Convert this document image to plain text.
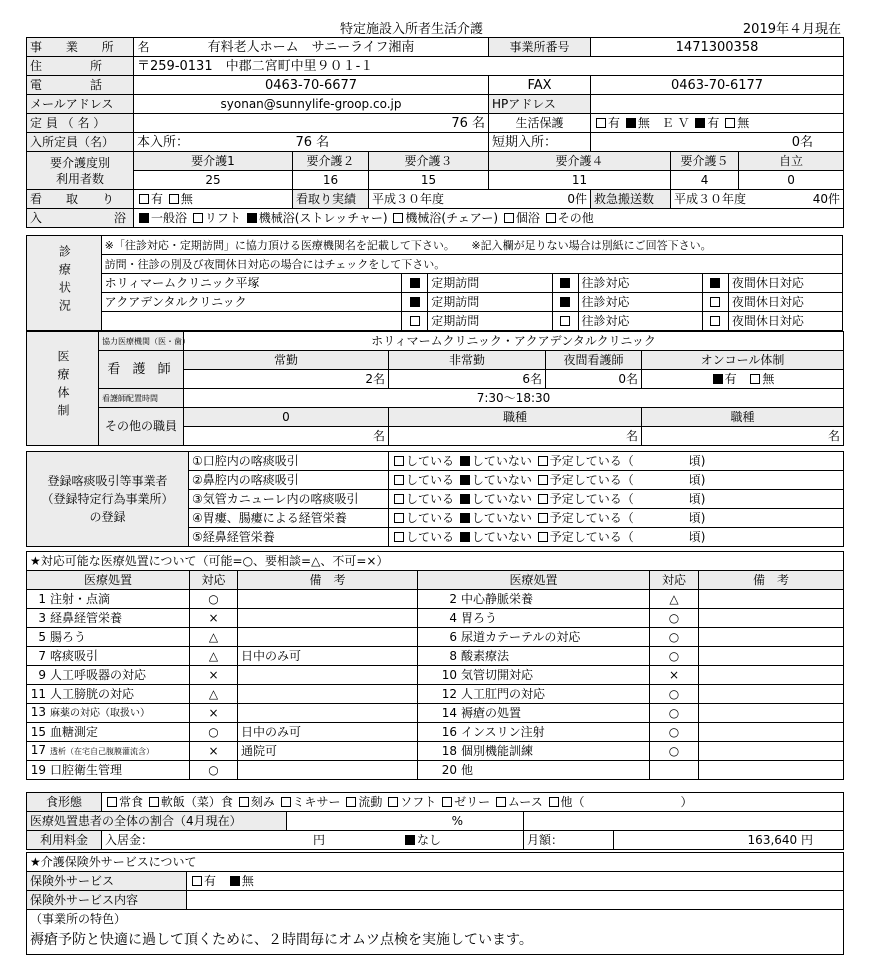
特定施設入所者生活介護	2019年４月現在
事 業 所 名	有料老人ホーム　サニーライフ湘南			事業所番号	1471300358		
住　　　　所	〒259-0131　中郡二宮町中里９０１-１						
電　　　　話	0463-70-6677			FAX	0463-70-6177		
メールアドレス	syonan@sunnylife-groop.co.jp			HPアドレス			
定 員 （ 名 ）	76 名			生活保護	有 無 Ｅ Ｖ 有 無		
入所定員（名）	本入所：	76 名		短期入所：	0名		
要介護度別
利用者数	要介護1	要介護２	要介護３	要介護４		要介護５	自立
	25	16	15	11		4	0
看　　取　　り	有 無	看取り実績	平成３０年度 0件		救急搬送数	平成３０年度 40件	

入　　　　　　浴	一般浴 リフト 機械浴(ストレッチャー) 機械浴(チェアー) 個浴 その他						
診療状況	※「往診対応・定期訪問」に協力頂ける医療機関名を記載して下さい。　　※記入欄が足りない場合は別紙にご回答下さい。						
	訪問・往診の別及び夜間休日対応の場合にはチェックをして下さい。						
	ホリィマームクリニック平塚		定期訪問		往診対応		夜間休日対応
	アクアデンタルクリニック		定期訪問		往診対応		夜間休日対応
			定期訪問		往診対応		夜間休日対応
医療体制	協力医療機関（医・歯）	ホリィマームクリニック・アクアデンタルクリニック			
	看 護 師	常勤	非常勤	夜間看護師	オンコール体制
		2名	6名	0名	有 無
	看護師配置時間	7:30～18:30			
	その他の職員	0	職種		職種
		名	名		名
登録喀痰吸引等事業者
（登録特定行為事業所）
の登録	①口腔内の喀痰吸引	している していない 予定している（ 頃)
	②鼻腔内の喀痰吸引	している していない 予定している（ 頃)
	③気管カニューレ内の喀痰吸引	している していない 予定している（ 頃)
	④胃瘻、腸瘻による経管栄養	している していない 予定している（ 頃)
	⑤経鼻経管栄養	している していない 予定している（ 頃)
★対応可能な医療処置について（可能=○、要相談=△、不可=×）					
医療処置	対応	備　考	医療処置	対応	備　考
1 注射・点滴	○		2 中心静脈栄養	△	
3 経鼻経管栄養	×		4 胃ろう	○	
5 腸ろう	△		6 尿道カテーテルの対応	○	
7 喀痰吸引	△	日中のみ可	8 酸素療法	○	
9 人工呼吸器の対応	×		10 気管切開対応	×	
11 人工膀胱の対応	△		12 人工肛門の対応	○	
13 麻薬の対応（取扱い）	×		14 褥瘡の処置	○	
15 血糖測定	○	日中のみ可	16 インスリン注射	○	
17 透析（在宅自己腹膜灌流含）	×	通院可	18 個別機能訓練	○	
19 口腔衛生管理	○		20 他		
食形態	常食 軟飯（菜）食 刻み ミキサー 流動 ソフト ゼリー ムース 他（　　　　　　　　）			
医療処置患者の全体の割合（4月現在）		%		
利用料金	入居金： 円 なし		月額：	163,640 円
★介護保険外サービスについて	
保険外サービス	有 無
保険外サービス内容	

（事業所の特色）
褥瘡予防と快適に過して頂くために、２時間毎にオムツ点検を実施しています。	
